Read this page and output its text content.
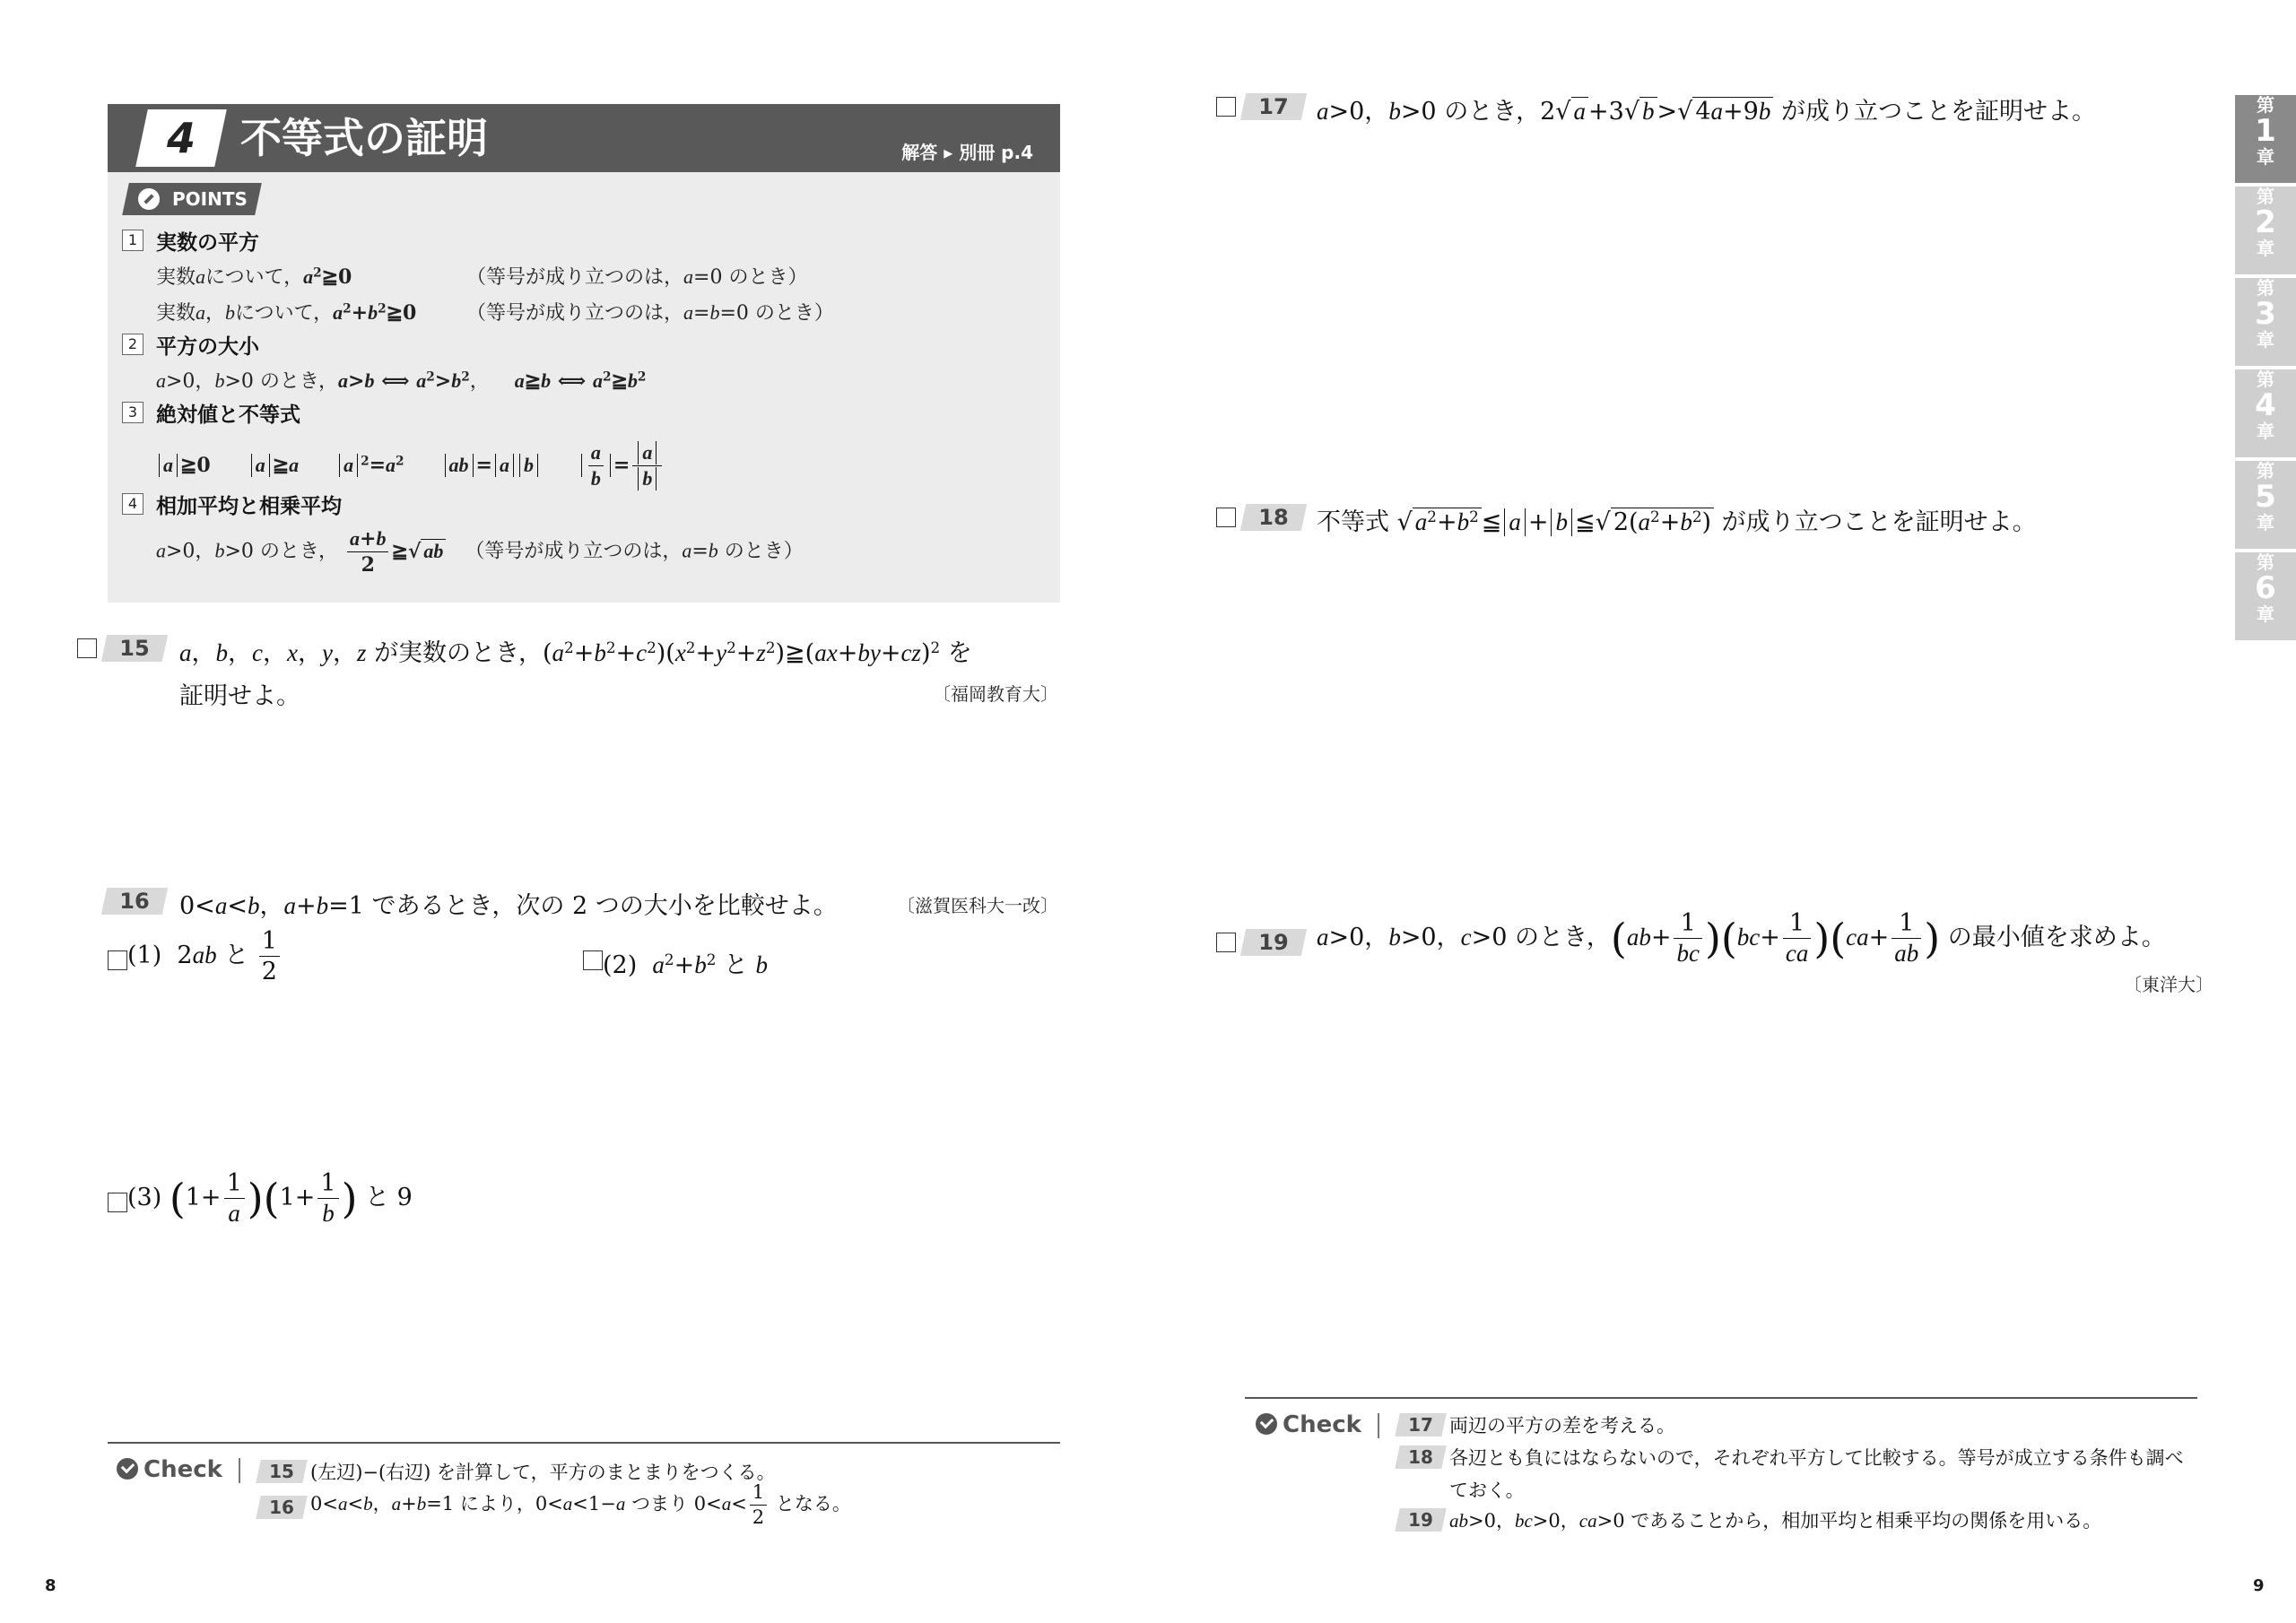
4	不等式の証明	解答 ▸ 別冊 p.4
POINTS
1 実数の平方
実数aについて，$a^2≧0$	（等号が成り立つのは，a=0 のとき）
実数a，bについて，$a^2+b^2≧0$	（等号が成り立つのは，a=b=0 のとき）
2 平方の大小
a>0，b>0 のとき，a>b ⟺ $a^2>b^2$，    a≧b ⟺ $a^2≧b^2$
3 絶対値と不等式
a ≧0 a ≧a a $^2=a^2$ ab = a b	$\frac{a}{b} = \frac{a}{b}$
4 相加平均と相乗平均
a>0，b>0 のとき， $\frac{a+b}{2}$ ≧√ ab （等号が成り立つのは，a=b のとき）
15	a，b，c，x，y，z が実数のとき，$(a^2+b^2+c^2)(x^2+y^2+z^2)≧(ax+by+cz)^2$ を
証明せよ。	〔福岡教育大〕
16	0<a<b，a+b=1 であるとき，次の 2 つの大小を比較せよ。	〔滋賀医科大一改〕
(1)  2ab と $\frac{1}{2}$	(2) $a^2+b^2$ と b
(3) $(1+ \frac{1}{a} )(1+ \frac{1}{b}$ ) と 9
Check	15 (左辺)−(右辺) を計算して，平方のまとまりをつくる。
16 0<a<b，a+b=1 により，0<a<1−a つまり $0<a< \frac{1}{2}$ となる。
8
17	a>0，b>0 のとき，2√ a +3√ b >√ 4a+9b が成り立つことを証明せよ。
18	不等式 √ $a^2+b^2$ ≦ a + b ≦√ $2(a^2+b^2)$ が成り立つことを証明せよ。
19	a>0，b>0，c>0 のとき，$(ab+ \frac{1}{bc} )(bc+ \frac{1}{ca} )(ca+ \frac{1}{ab}$ ) の最小値を求めよ。
〔東洋大〕
Check	17 両辺の平方の差を考える。
18 各辺とも負にはならないので，それぞれ平方して比較する。等号が成立する条件も調べ
ておく。
19 ab>0，bc>0，ca>0 であることから，相加平均と相乗平均の関係を用いる。
9
第
1
章
第
2
章
第
3
章
第
4
章
第
5
章
第
6
章
